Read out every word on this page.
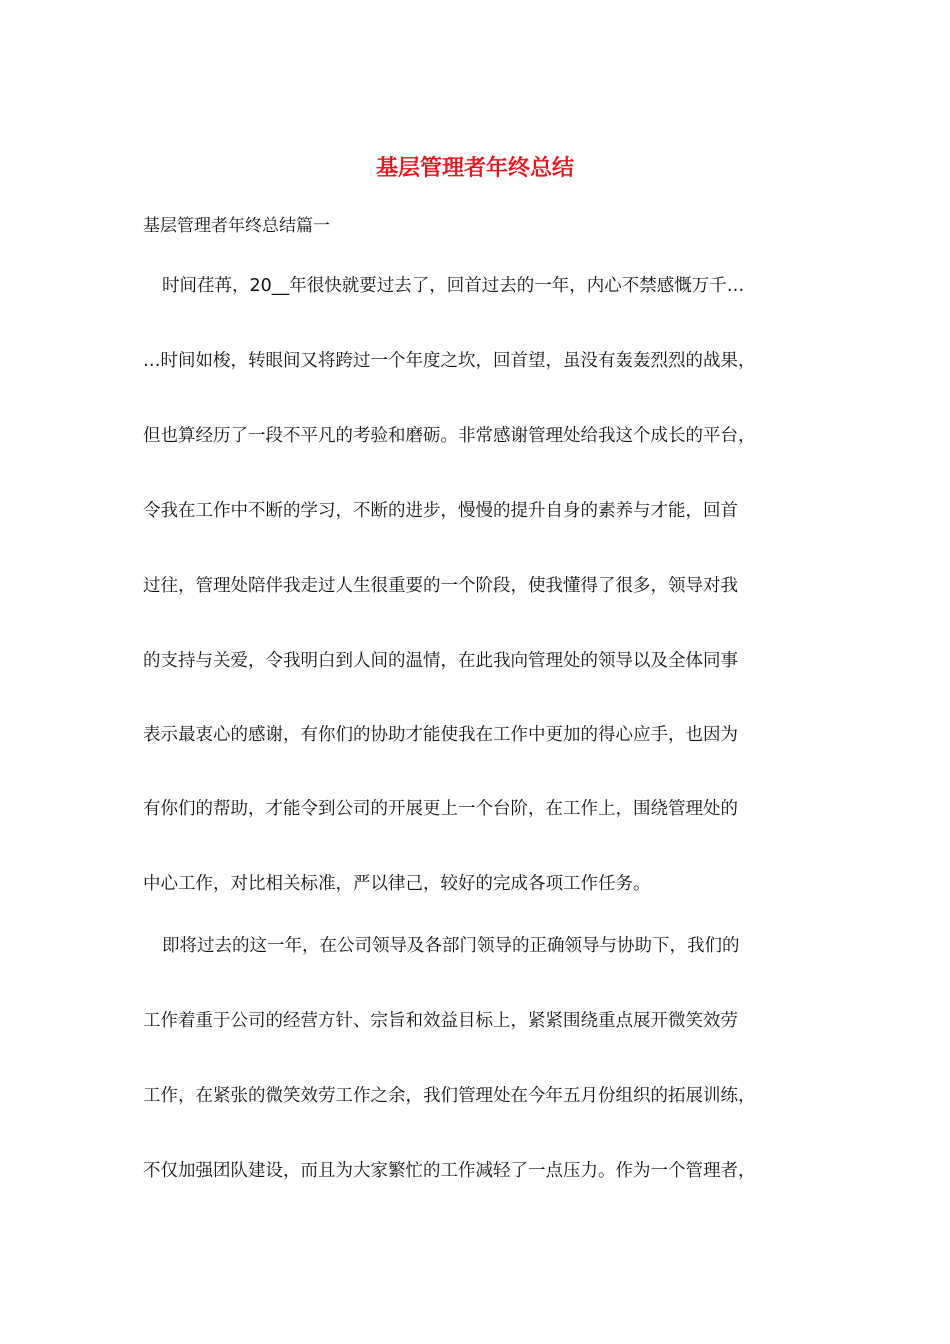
基层管理者年终总结

基层管理者年终总结篇一

时间荏苒，20__年很快就要过去了，回首过去的一年，内心不禁感慨万千…

…时间如梭，转眼间又将跨过一个年度之坎，回首望，虽没有轰轰烈烈的战果，

但也算经历了一段不平凡的考验和磨砺。非常感谢管理处给我这个成长的平台，

令我在工作中不断的学习，不断的进步，慢慢的提升自身的素养与才能，回首

过往，管理处陪伴我走过人生很重要的一个阶段，使我懂得了很多，领导对我

的支持与关爱，令我明白到人间的温情，在此我向管理处的领导以及全体同事

表示最衷心的感谢，有你们的协助才能使我在工作中更加的得心应手，也因为

有你们的帮助，才能令到公司的开展更上一个台阶，在工作上，围绕管理处的

中心工作，对比相关标准，严以律己，较好的完成各项工作任务。

即将过去的这一年，在公司领导及各部门领导的正确领导与协助下，我们的

工作着重于公司的经营方针、宗旨和效益目标上，紧紧围绕重点展开微笑效劳

工作，在紧张的微笑效劳工作之余，我们管理处在今年五月份组织的拓展训练，

不仅加强团队建设，而且为大家繁忙的工作减轻了一点压力。作为一个管理者，
